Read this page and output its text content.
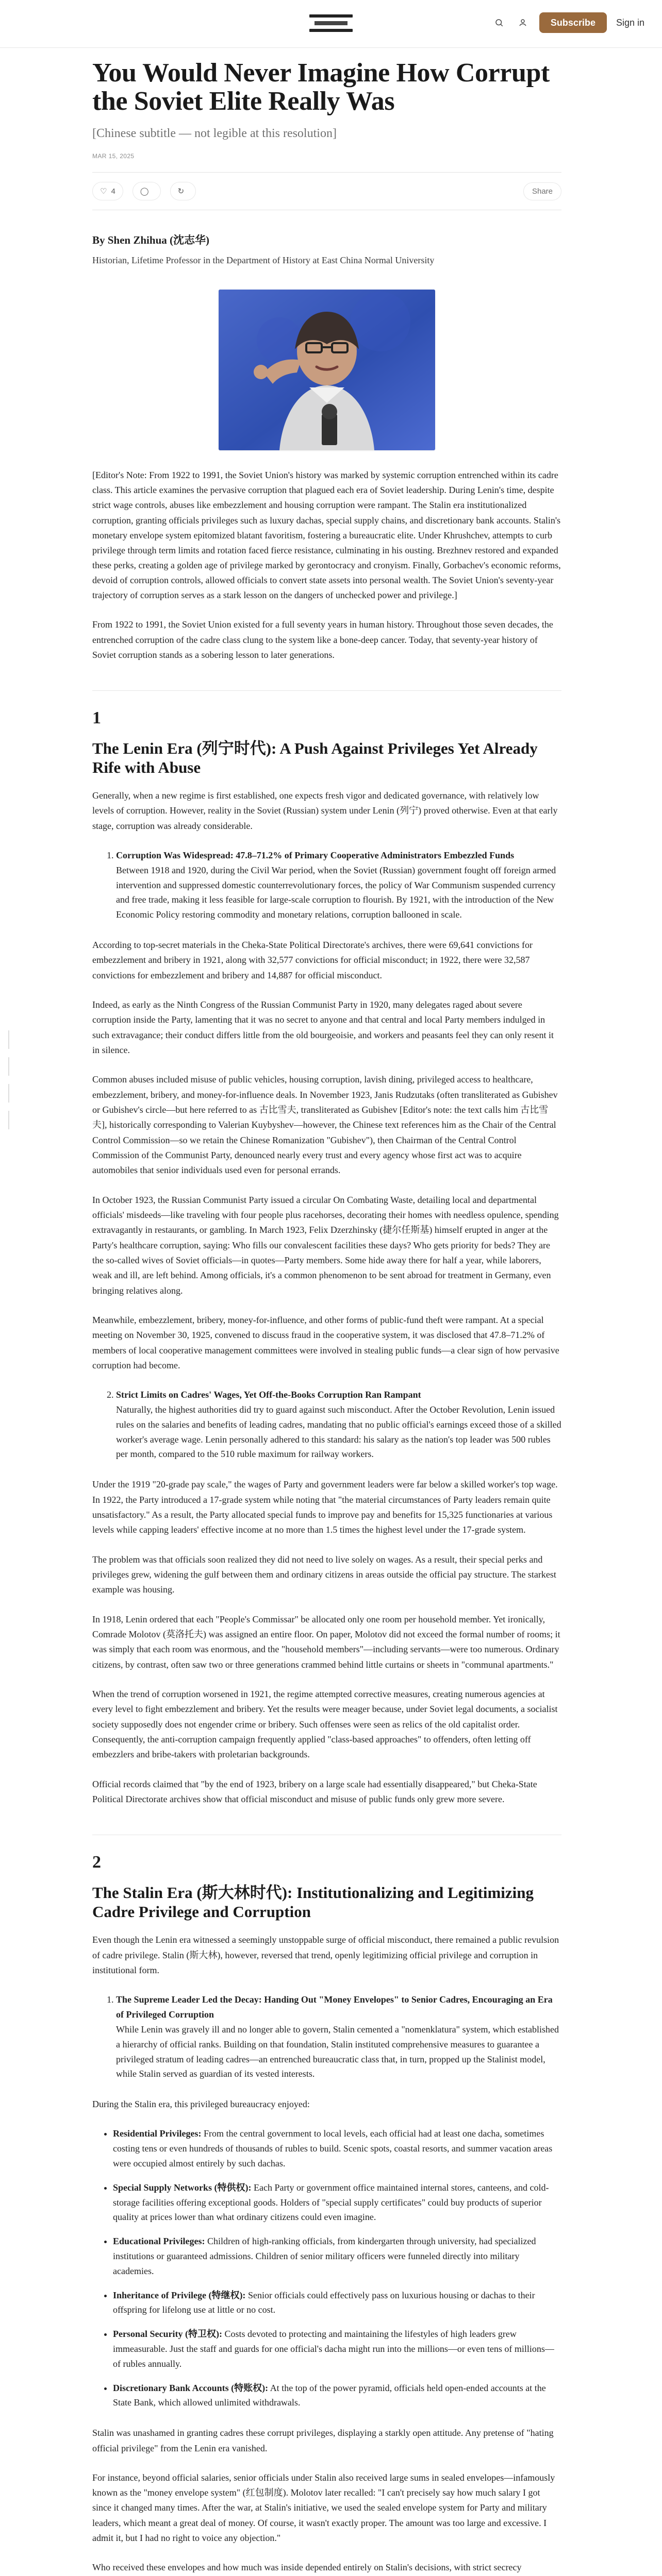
Subscribe	Sign in
You Would Never Imagine How Corrupt the Soviet Elite Really Was
[Chinese subtitle — not legible at this resolution]
MAR 15, 2025
♡ 4	◯	↻	Share
By Shen Zhihua (沈志华)
Historian, Lifetime Professor in the Department of History at East China Normal University

[Editor's Note: From 1922 to 1991, the Soviet Union's history was marked by systemic corruption entrenched within its cadre class. This article examines the pervasive corruption that plagued each era of Soviet leadership. During Lenin's time, despite strict wage controls, abuses like embezzlement and housing corruption were rampant. The Stalin era institutionalized corruption, granting officials privileges such as luxury dachas, special supply chains, and discretionary bank accounts. Stalin's monetary envelope system epitomized blatant favoritism, fostering a bureaucratic elite. Under Khrushchev, attempts to curb privilege through term limits and rotation faced fierce resistance, culminating in his ousting. Brezhnev restored and expanded these perks, creating a golden age of privilege marked by gerontocracy and cronyism. Finally, Gorbachev's economic reforms, devoid of corruption controls, allowed officials to convert state assets into personal wealth. The Soviet Union's seventy-year trajectory of corruption serves as a stark lesson on the dangers of unchecked power and privilege.]

From 1922 to 1991, the Soviet Union existed for a full seventy years in human history. Throughout those seven decades, the entrenched corruption of the cadre class clung to the system like a bone-deep cancer. Today, that seventy-year history of Soviet corruption stands as a sobering lesson to later generations.

1
The Lenin Era (列宁时代): A Push Against Privileges Yet Already Rife with Abuse

Generally, when a new regime is first established, one expects fresh vigor and dedicated governance, with relatively low levels of corruption. However, reality in the Soviet (Russian) system under Lenin (列宁) proved otherwise. Even at that early stage, corruption was already considerable.

1. Corruption Was Widespread: 47.8–71.2% of Primary Cooperative Administrators Embezzled Funds
Between 1918 and 1920, during the Civil War period, when the Soviet (Russian) government fought off foreign armed intervention and suppressed domestic counterrevolutionary forces, the policy of War Communism suspended currency and free trade, making it less feasible for large-scale corruption to flourish. By 1921, with the introduction of the New Economic Policy restoring commodity and monetary relations, corruption ballooned in scale.

According to top-secret materials in the Cheka-State Political Directorate's archives, there were 69,641 convictions for embezzlement and bribery in 1921, along with 32,577 convictions for official misconduct; in 1922, there were 32,587 convictions for embezzlement and bribery and 14,887 for official misconduct.

Indeed, as early as the Ninth Congress of the Russian Communist Party in 1920, many delegates raged about severe corruption inside the Party, lamenting that it was no secret to anyone and that central and local Party members indulged in such extravagance; their conduct differs little from the old bourgeoisie, and workers and peasants feel they can only resent it in silence.

Common abuses included misuse of public vehicles, housing corruption, lavish dining, privileged access to healthcare, embezzlement, bribery, and money-for-influence deals. In November 1923, Janis Rudzutaks (often transliterated as Gubishev or Gubishev's circle—but here referred to as 古比雪夫, transliterated as Gubishev [Editor's note: the text calls him 古比雪夫], historically corresponding to Valerian Kuybyshev—however, the Chinese text references him as the Chair of the Central Control Commission—so we retain the Chinese Romanization "Gubishev"), then Chairman of the Central Control Commission of the Communist Party, denounced nearly every trust and every agency whose first act was to acquire automobiles that senior individuals used even for personal errands.

In October 1923, the Russian Communist Party issued a circular On Combating Waste, detailing local and departmental officials' misdeeds—like traveling with four people plus racehorses, decorating their homes with needless opulence, spending extravagantly in restaurants, or gambling. In March 1923, Felix Dzerzhinsky (捷尔任斯基) himself erupted in anger at the Party's healthcare corruption, saying: Who fills our convalescent facilities these days? Who gets priority for beds? They are the so-called wives of Soviet officials—in quotes—Party members. Some hide away there for half a year, while laborers, weak and ill, are left behind. Among officials, it's a common phenomenon to be sent abroad for treatment in Germany, even bringing relatives along.

Meanwhile, embezzlement, bribery, money-for-influence, and other forms of public-fund theft were rampant. At a special meeting on November 30, 1925, convened to discuss fraud in the cooperative system, it was disclosed that 47.8–71.2% of members of local cooperative management committees were involved in stealing public funds—a clear sign of how pervasive corruption had become.

2. Strict Limits on Cadres' Wages, Yet Off-the-Books Corruption Ran Rampant
Naturally, the highest authorities did try to guard against such misconduct. After the October Revolution, Lenin issued rules on the salaries and benefits of leading cadres, mandating that no public official's earnings exceed those of a skilled worker's average wage. Lenin personally adhered to this standard: his salary as the nation's top leader was 500 rubles per month, compared to the 510 ruble maximum for railway workers.

Under the 1919 "20-grade pay scale," the wages of Party and government leaders were far below a skilled worker's top wage. In 1922, the Party introduced a 17-grade system while noting that "the material circumstances of Party leaders remain quite unsatisfactory." As a result, the Party allocated special funds to improve pay and benefits for 15,325 functionaries at various levels while capping leaders' effective income at no more than 1.5 times the highest level under the 17-grade system.

The problem was that officials soon realized they did not need to live solely on wages. As a result, their special perks and privileges grew, widening the gulf between them and ordinary citizens in areas outside the official pay structure. The starkest example was housing.

In 1918, Lenin ordered that each "People's Commissar" be allocated only one room per household member. Yet ironically, Comrade Molotov (莫洛托夫) was assigned an entire floor. On paper, Molotov did not exceed the formal number of rooms; it was simply that each room was enormous, and the "household members"—including servants—were too numerous. Ordinary citizens, by contrast, often saw two or three generations crammed behind little curtains or sheets in "communal apartments."

When the trend of corruption worsened in 1921, the regime attempted corrective measures, creating numerous agencies at every level to fight embezzlement and bribery. Yet the results were meager because, under Soviet legal documents, a socialist society supposedly does not engender crime or bribery. Such offenses were seen as relics of the old capitalist order. Consequently, the anti-corruption campaign frequently applied "class-based approaches" to offenders, often letting off embezzlers and bribe-takers with proletarian backgrounds.

Official records claimed that "by the end of 1923, bribery on a large scale had essentially disappeared," but Cheka-State Political Directorate archives show that official misconduct and misuse of public funds only grew more severe.

2
The Stalin Era (斯大林时代): Institutionalizing and Legitimizing Cadre Privilege and Corruption

Even though the Lenin era witnessed a seemingly unstoppable surge of official misconduct, there remained a public revulsion of cadre privilege. Stalin (斯大林), however, reversed that trend, openly legitimizing official privilege and corruption in institutional form.

1. The Supreme Leader Led the Decay: Handing Out "Money Envelopes" to Senior Cadres, Encouraging an Era of Privileged Corruption
While Lenin was gravely ill and no longer able to govern, Stalin cemented a "nomenklatura" system, which established a hierarchy of official ranks. Building on that foundation, Stalin instituted comprehensive measures to guarantee a privileged stratum of leading cadres—an entrenched bureaucratic class that, in turn, propped up the Stalinist model, while Stalin served as guardian of its vested interests.

During the Stalin era, this privileged bureaucracy enjoyed:

• Residential Privileges: From the central government to local levels, each official had at least one dacha, sometimes costing tens or even hundreds of thousands of rubles to build. Scenic spots, coastal resorts, and summer vacation areas were occupied almost entirely by such dachas.
• Special Supply Networks (特供权): Each Party or government office maintained internal stores, canteens, and cold-storage facilities offering exceptional goods. Holders of "special supply certificates" could buy products of superior quality at prices lower than what ordinary citizens could even imagine.
• Educational Privileges: Children of high-ranking officials, from kindergarten through university, had specialized institutions or guaranteed admissions. Children of senior military officers were funneled directly into military academies.
• Inheritance of Privilege (特继权): Senior officials could effectively pass on luxurious housing or dachas to their offspring for lifelong use at little or no cost.
• Personal Security (特卫权): Costs devoted to protecting and maintaining the lifestyles of high leaders grew immeasurable. Just the staff and guards for one official's dacha might run into the millions—or even tens of millions—of rubles annually.
• Discretionary Bank Accounts (特账权): At the top of the power pyramid, officials held open-ended accounts at the State Bank, which allowed unlimited withdrawals.

Stalin was unashamed in granting cadres these corrupt privileges, displaying a starkly open attitude. Any pretense of "hating official privilege" from the Lenin era vanished.

For instance, beyond official salaries, senior officials under Stalin also received large sums in sealed envelopes—infamously known as the "money envelope system" (红包制度). Molotov later recalled: "I can't precisely say how much salary I got since it changed many times. After the war, at Stalin's initiative, we used the sealed envelope system for Party and military leaders, which meant a great deal of money. Of course, it wasn't exactly proper. The amount was too large and excessive. I admit it, but I had no right to voice any objection."

Who received these envelopes and how much was inside depended entirely on Stalin's decisions, with strict secrecy
